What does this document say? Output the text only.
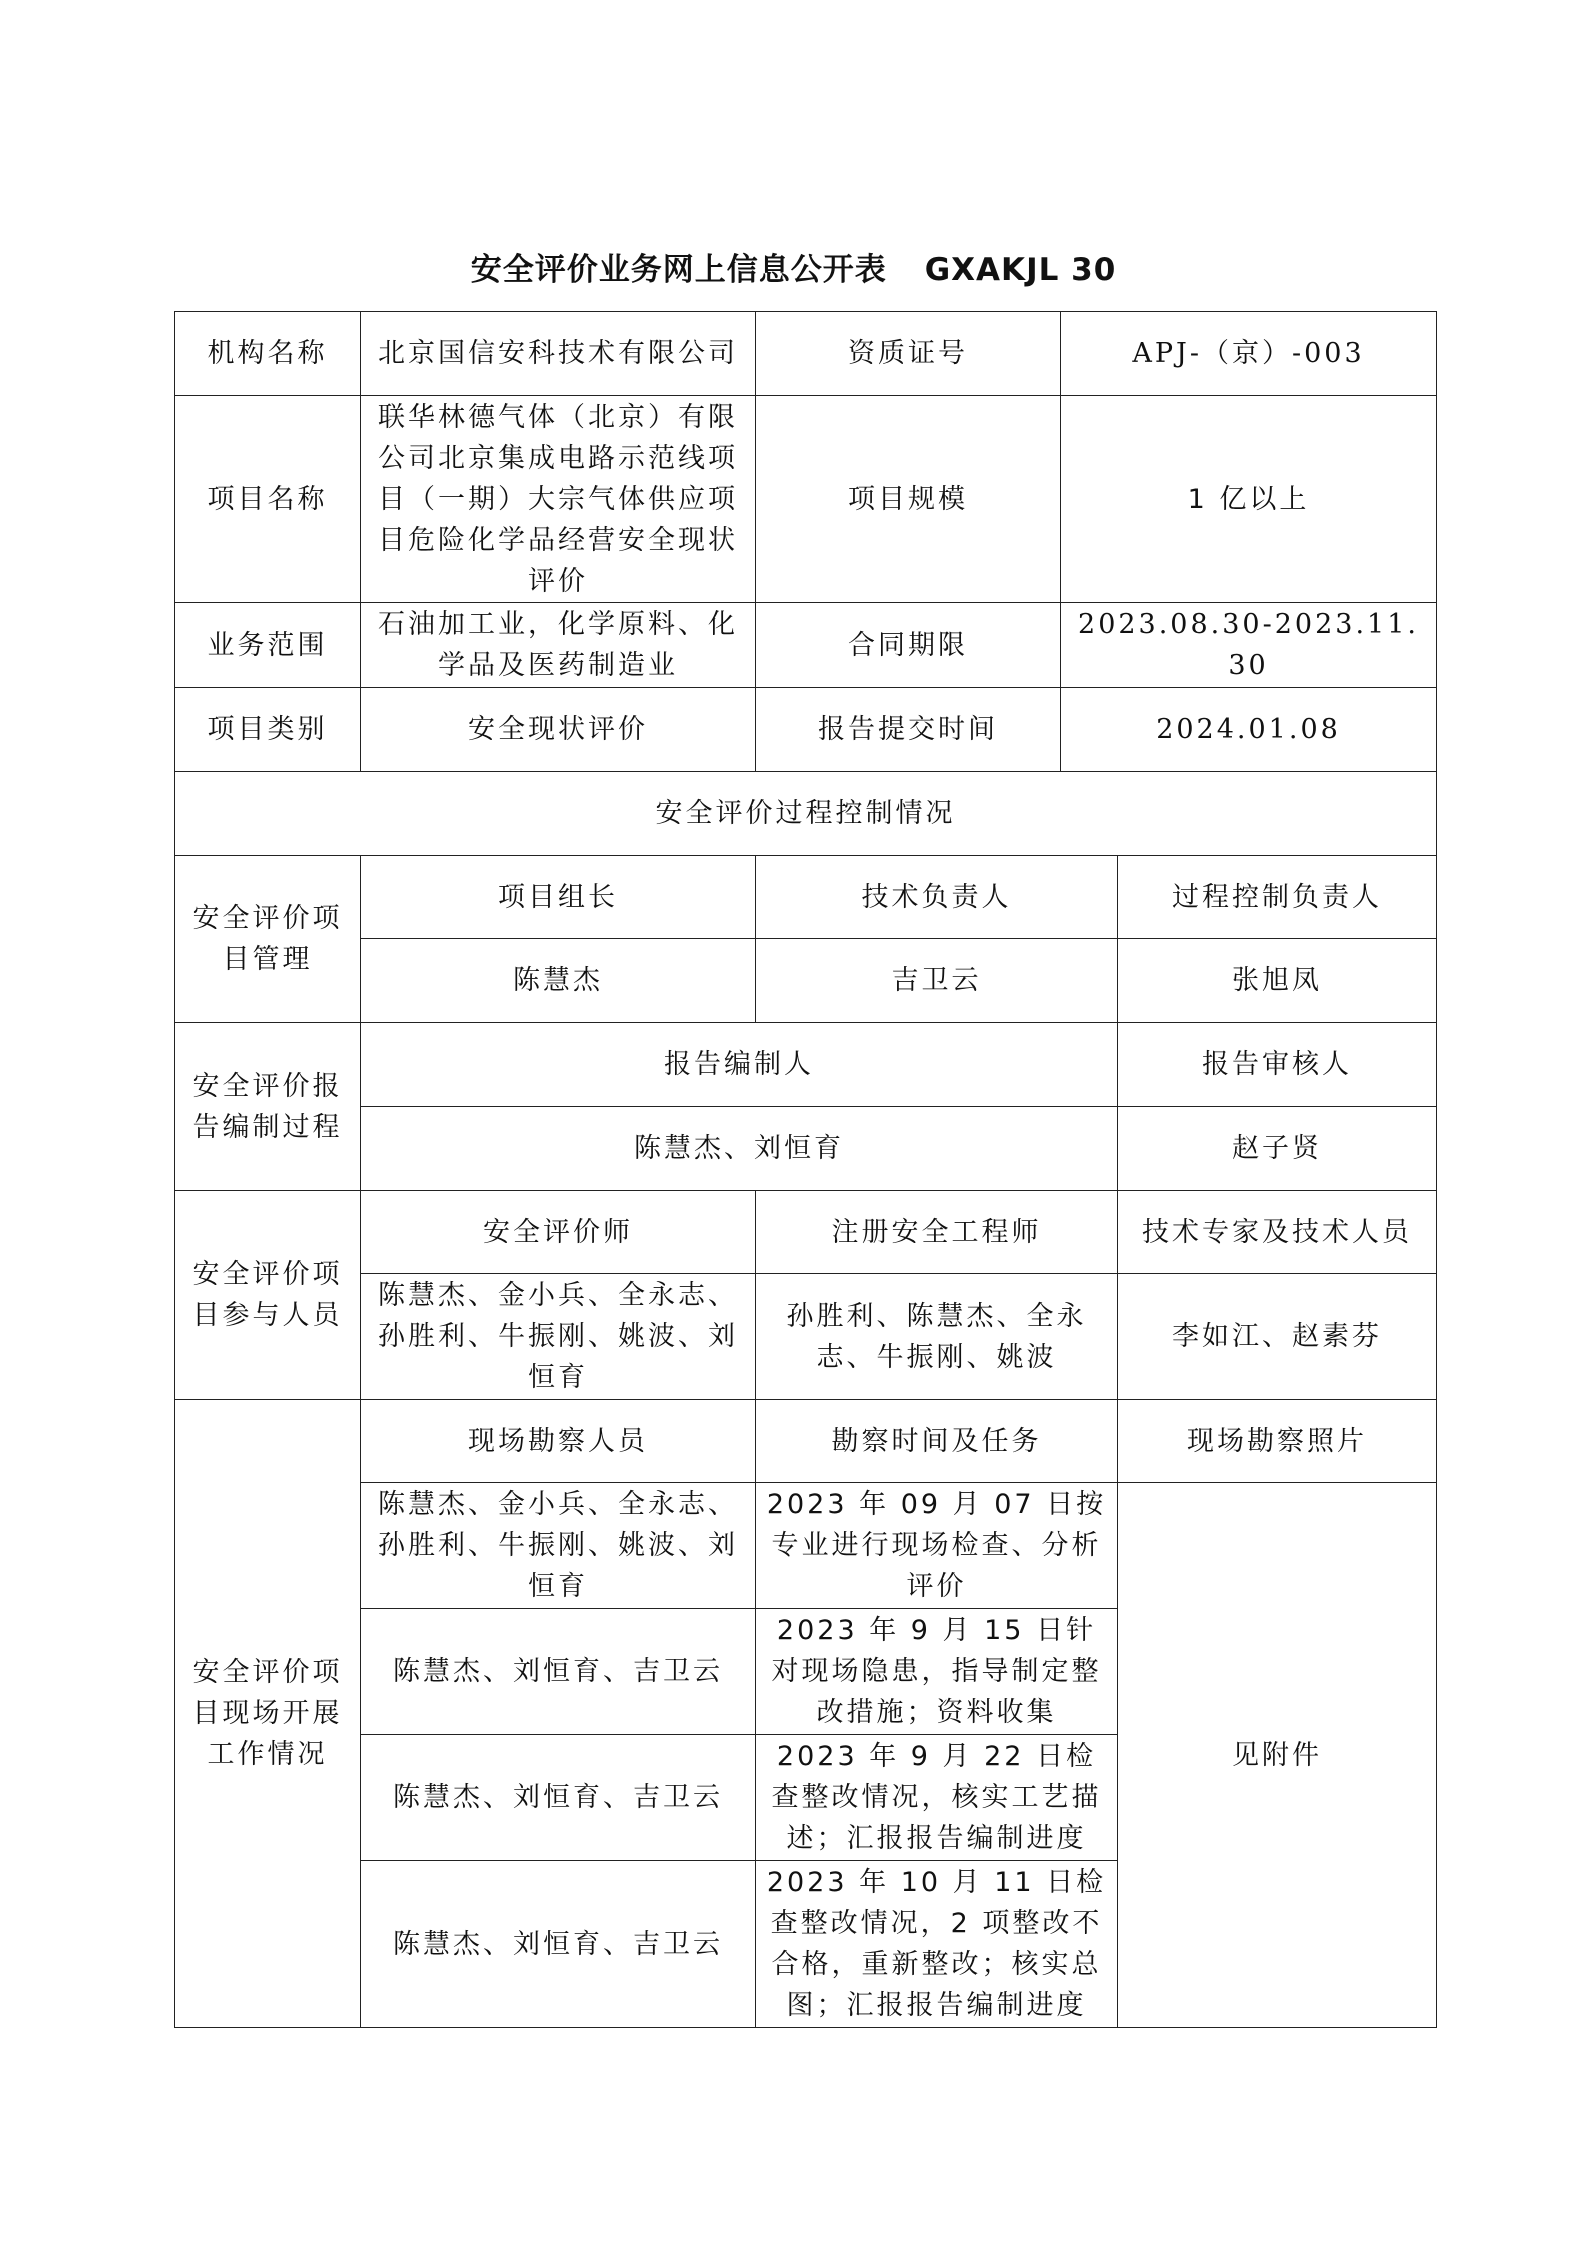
安全评价业务网上信息公开表 GXAKJL 30
机构名称	北京国信安科技术有限公司	资质证号	APJ-（京）-003	
项目名称	联华林德气体（北京）有限公司北京集成电路示范线项目（一期）大宗气体供应项目危险化学品经营安全现状评价	项目规模	1 亿以上	
业务范围	石油加工业，化学原料、化学品及医药制造业	合同期限	2023.08.30-2023.11.30	
项目类别	安全现状评价	报告提交时间	2024.01.08	
安全评价过程控制情况				
安全评价项目管理	项目组长	技术负责人		过程控制负责人
	陈慧杰	吉卫云		张旭凤
安全评价报告编制过程	报告编制人			报告审核人
	陈慧杰、刘恒育			赵子贤
安全评价项目参与人员	安全评价师	注册安全工程师		技术专家及技术人员
	陈慧杰、金小兵、全永志、孙胜利、牛振刚、姚波、刘恒育	孙胜利、陈慧杰、全永志、牛振刚、姚波		李如江、赵素芬
安全评价项目现场开展工作情况	现场勘察人员	勘察时间及任务		现场勘察照片
	陈慧杰、金小兵、全永志、孙胜利、牛振刚、姚波、刘恒育	2023 年 09 月 07 日按专业进行现场检查、分析评价		见附件
	陈慧杰、刘恒育、吉卫云	2023 年 9 月 15 日针对现场隐患，指导制定整改措施；资料收集		
	陈慧杰、刘恒育、吉卫云	2023 年 9 月 22 日检查整改情况，核实工艺描述；汇报报告编制进度		
	陈慧杰、刘恒育、吉卫云	2023 年 10 月 11 日检查整改情况，2 项整改不合格，重新整改；核实总图；汇报报告编制进度		
